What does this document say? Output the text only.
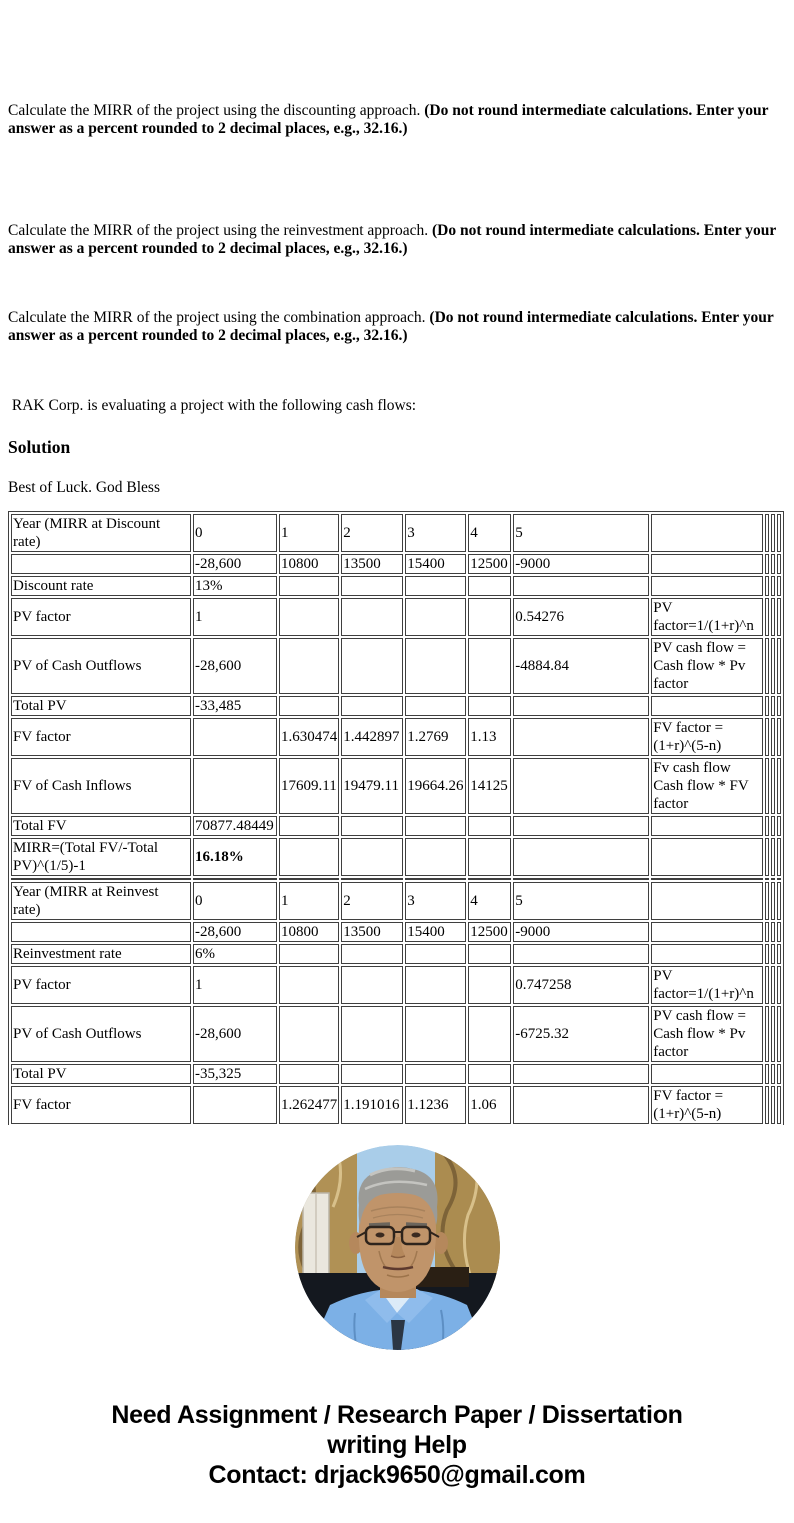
Calculate the MIRR of the project using the discounting approach. (Do not round intermediate calculations. Enter your answer as a percent rounded to 2 decimal places, e.g., 32.16.)
Calculate the MIRR of the project using the reinvestment approach. (Do not round intermediate calculations. Enter your answer as a percent rounded to 2 decimal places, e.g., 32.16.)
Calculate the MIRR of the project using the combination approach. (Do not round intermediate calculations. Enter your answer as a percent rounded to 2 decimal places, e.g., 32.16.)
RAK Corp. is evaluating a project with the following cash flows:
Solution
Best of Luck. God Bless
Year (MIRR at Discount rate)	0	1	2	3	4	5				
	-28,600	10800	13500	15400	12500	-9000				
Discount rate	13%									
PV factor	1					0.54276	PV factor=1/(1+r)^n			
PV of Cash Outflows	-28,600					-4884.84	PV cash flow = Cash flow * Pv factor			
Total PV	-33,485									
FV factor		1.630474	1.442897	1.2769	1.13		FV factor = (1+r)^(5-n)			
FV of Cash Inflows		17609.11	19479.11	19664.26	14125		Fv cash flow Cash flow * FV factor			
Total FV	70877.48449									
MIRR=(Total FV/-Total PV)^(1/5)-1	16.18%									

Year (MIRR at Reinvest rate)	0	1	2	3	4	5				
	-28,600	10800	13500	15400	12500	-9000				
Reinvestment rate	6%									
PV factor	1					0.747258	PV factor=1/(1+r)^n			
PV of Cash Outflows	-28,600					-6725.32	PV cash flow = Cash flow * Pv factor			
Total PV	-35,325									
FV factor		1.262477	1.191016	1.1236	1.06		FV factor = (1+r)^(5-n)			
Need Assignment / Research Paper / Dissertation
writing Help
Contact: drjack9650@gmail.com
